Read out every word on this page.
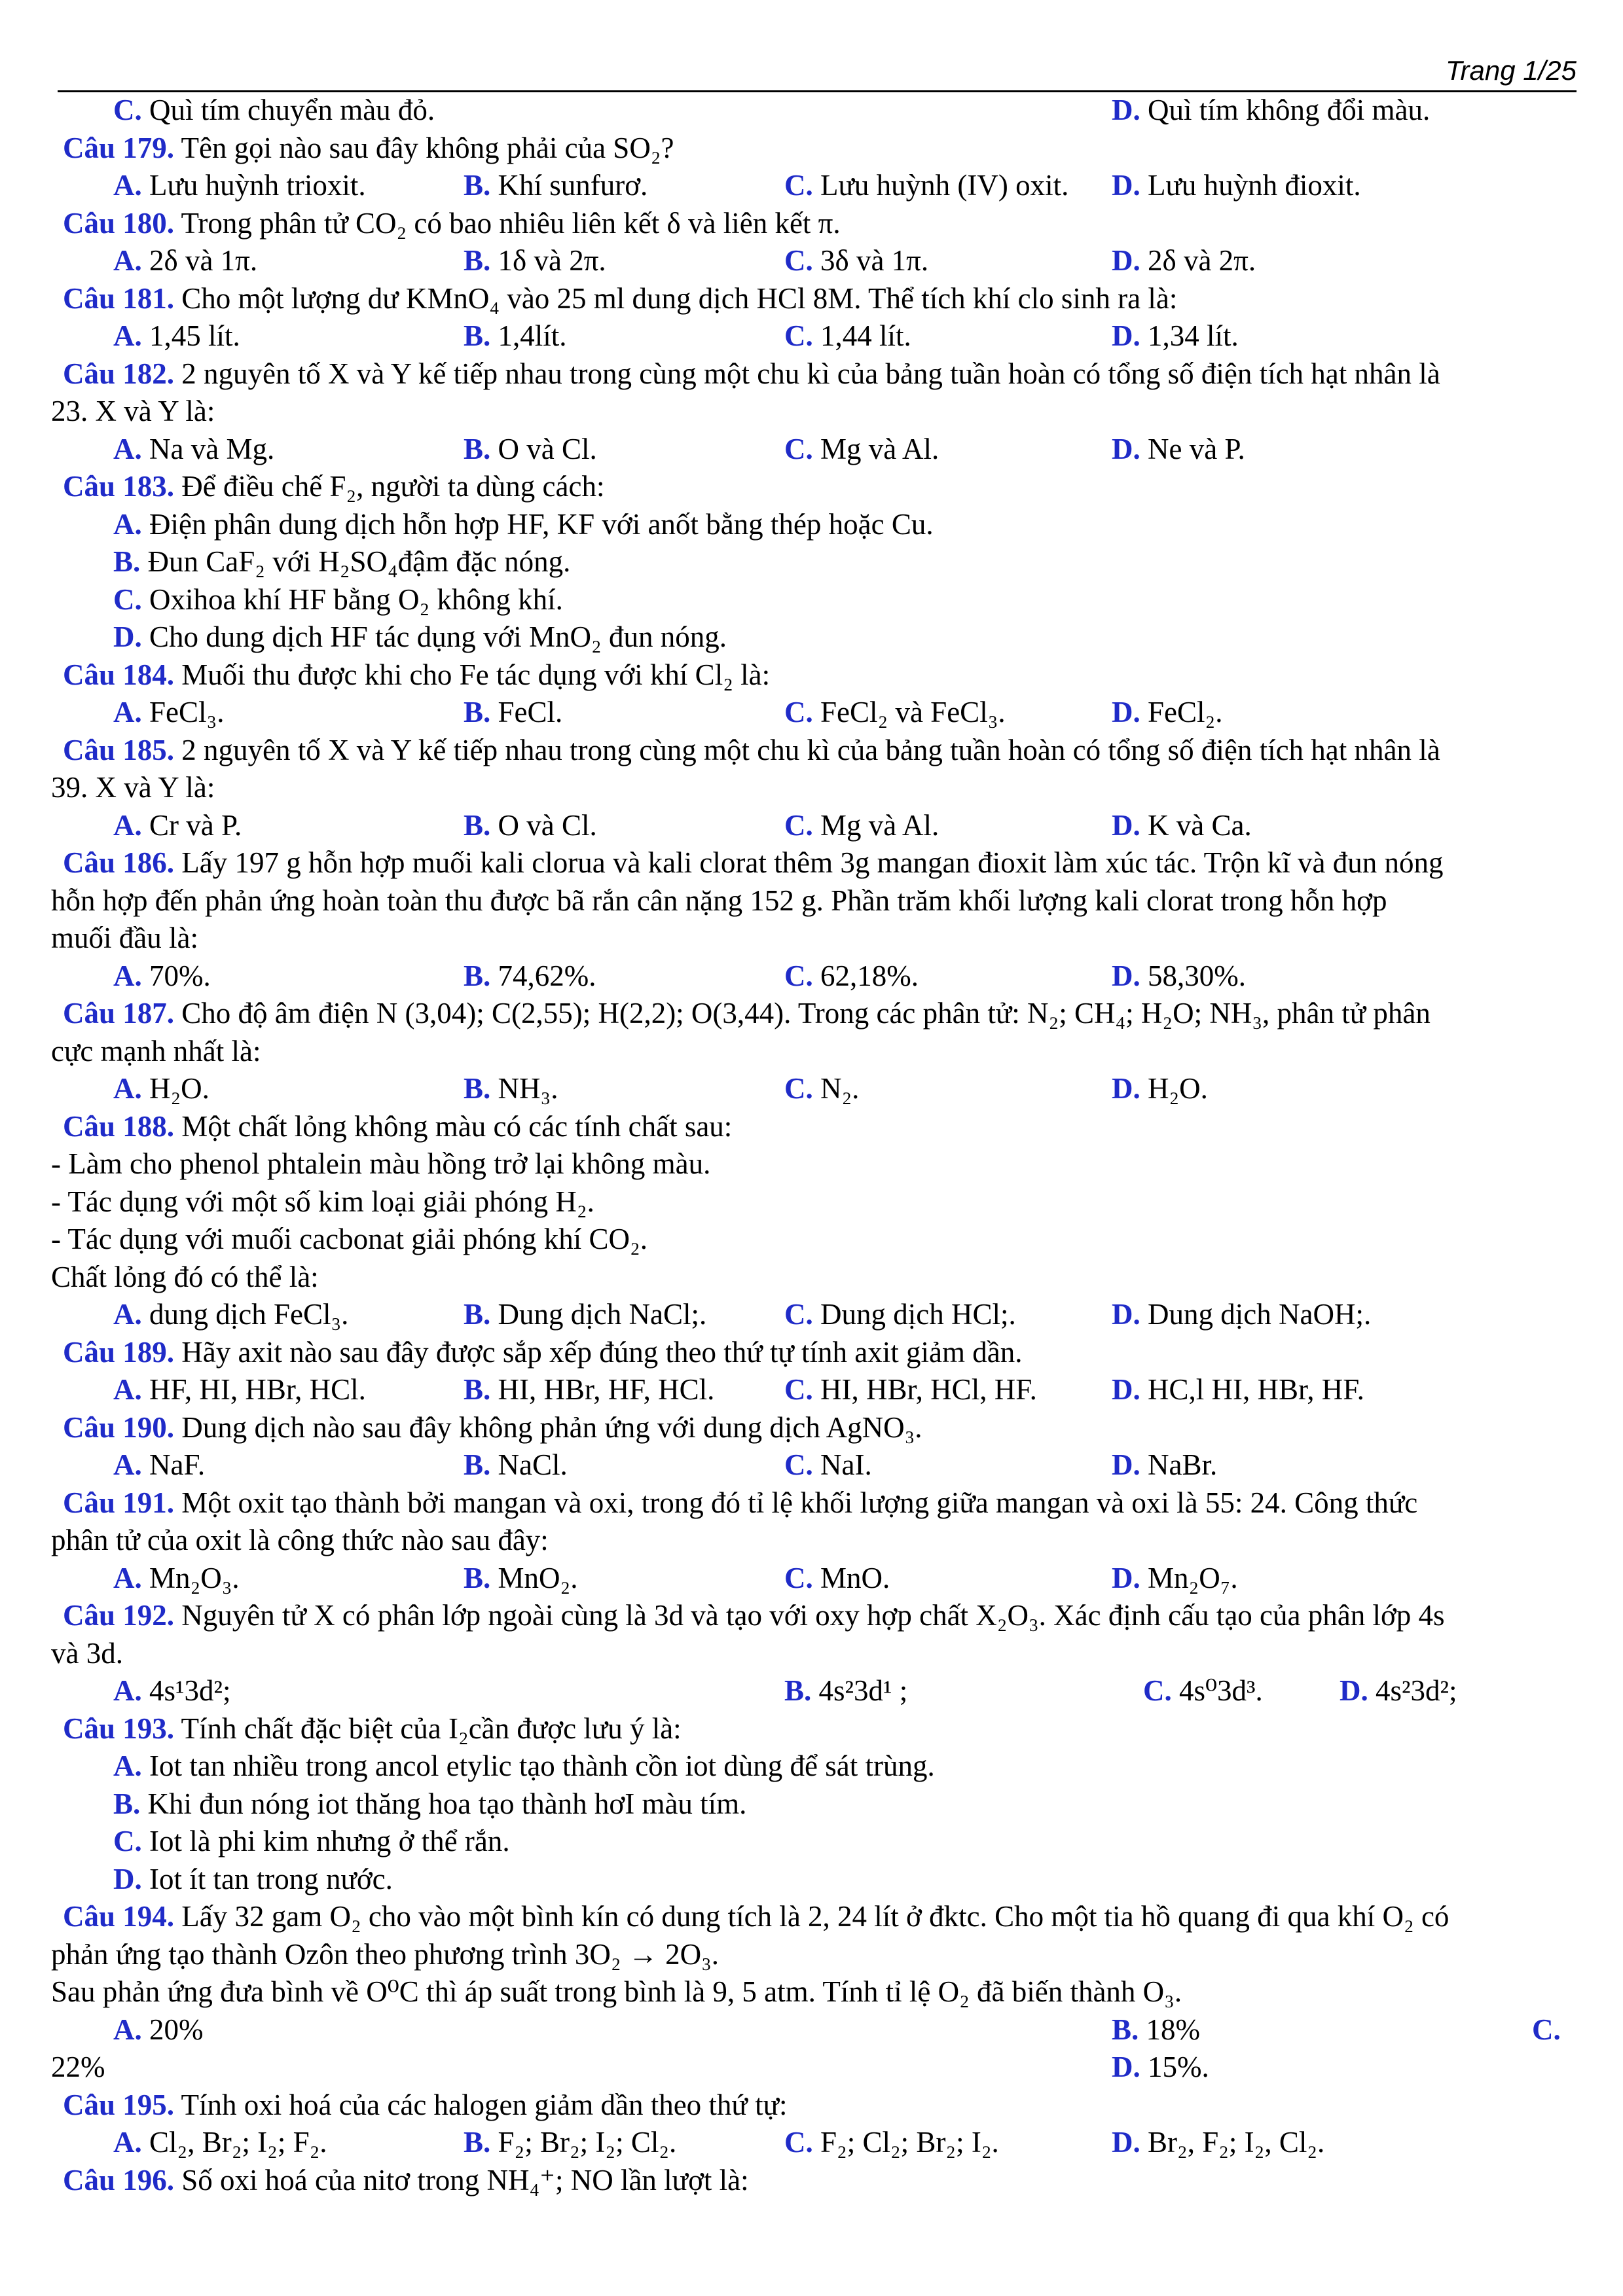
Trang 1/25
C. Quì tím chuyển màu đỏ.	D. Quì tím không đổi màu.
Câu 179. Tên gọi nào sau đây không phải của SO₂?
A. Lưu huỳnh trioxit.	B. Khí sunfurơ.	C. Lưu huỳnh (IV) oxit. D. Lưu huỳnh đioxit.
Câu 180. Trong phân tử CO₂ có bao nhiêu liên kết δ và liên kết π.
A. 2δ và 1π.	B. 1δ và 2π.	C. 3δ và 1π.	D. 2δ và 2π.
Câu 181. Cho một lượng dư KMnO₄ vào 25 ml dung dịch HCl 8M. Thể tích khí clo sinh ra là:
A. 1,45 lít.	B. 1,4lít.	C. 1,44 lít.	D. 1,34 lít.
Câu 182. 2 nguyên tố X và Y kế tiếp nhau trong cùng một chu kì của bảng tuần hoàn có tổng số điện tích hạt nhân là
23. X và Y là:
A. Na và Mg.	B. O và Cl.	C. Mg và Al.	D. Ne và P.
Câu 183. Để điều chế F₂, người ta dùng cách:
A. Điện phân dung dịch hỗn hợp HF, KF với anốt bằng thép hoặc Cu.
B. Đun CaF₂ với H₂SO₄đậm đặc nóng.
C. Oxihoa khí HF bằng O₂ không khí.
D. Cho dung dịch HF tác dụng với MnO₂ đun nóng.
Câu 184. Muối thu được khi cho Fe tác dụng với khí Cl₂ là:
A. FeCl₃.	B. FeCl.	C. FeCl₂ và FeCl₃.	D. FeCl₂.
Câu 185. 2 nguyên tố X và Y kế tiếp nhau trong cùng một chu kì của bảng tuần hoàn có tổng số điện tích hạt nhân là
39. X và Y là:
A. Cr và P.	B. O và Cl.	C. Mg và Al.	D. K và Ca.
Câu 186. Lấy 197 g hỗn hợp muối kali clorua và kali clorat thêm 3g mangan đioxit làm xúc tác. Trộn kĩ và đun nóng
hỗn hợp đến phản ứng hoàn toàn thu được bã rắn cân nặng 152 g. Phần trăm khối lượng kali clorat trong hỗn hợp
muối đầu là:
A. 70%.	B. 74,62%.	C. 62,18%.	D. 58,30%.
Câu 187. Cho độ âm điện N (3,04); C(2,55); H(2,2); O(3,44). Trong các phân tử: N₂; CH₄; H₂O; NH₃, phân tử phân
cực mạnh nhất là:
A. H₂O.	B. NH₃.	C. N₂.	D. H₂O.
Câu 188. Một chất lỏng không màu có các tính chất sau:
- Làm cho phenol phtalein màu hồng trở lại không màu.
- Tác dụng với một số kim loại giải phóng H₂.
- Tác dụng với muối cacbonat giải phóng khí CO₂.
Chất lỏng đó có thể là:
A. dung dịch FeCl₃.	B. Dung dịch NaCl;.	C. Dung dịch HCl;.	D. Dung dịch NaOH;.
Câu 189. Hãy axit nào sau đây được sắp xếp đúng theo thứ tự tính axit giảm dần.
A. HF, HI, HBr, HCl.	B. HI, HBr, HF, HCl. C. HI, HBr, HCl, HF.	D. HC,l HI, HBr, HF.
Câu 190. Dung dịch nào sau đây không phản ứng với dung dịch AgNO₃.
A. NaF.	B. NaCl.	C. NaI.	D. NaBr.
Câu 191. Một oxit tạo thành bởi mangan và oxi, trong đó tỉ lệ khối lượng giữa mangan và oxi là 55: 24. Công thức
phân tử của oxit là công thức nào sau đây:
A. Mn₂O₃.	B. MnO₂.	C. MnO.	D. Mn₂O₇.
Câu 192. Nguyên tử X có phân lớp ngoài cùng là 3d và tạo với oxy hợp chất X₂O₃. Xác định cấu tạo của phân lớp 4s
và 3d.
A. 4s¹3d²;	B. 4s²3d¹ ;	C. 4s⁰3d³.	D. 4s²3d²;
Câu 193. Tính chất đặc biệt của I₂cần được lưu ý là:
A. Iot tan nhiều trong ancol etylic tạo thành cồn iot dùng để sát trùng.
B. Khi đun nóng iot thăng hoa tạo thành hơI màu tím.
C. Iot là phi kim nhưng ở thể rắn.
D. Iot ít tan trong nước.
Câu 194. Lấy 32 gam O₂ cho vào một bình kín có dung tích là 2, 24 lít ở đktc. Cho một tia hồ quang đi qua khí O₂ có
phản ứng tạo thành Ozôn theo phương trình 3O₂ → 2O₃.
Sau phản ứng đưa bình về O⁰C thì áp suất trong bình là 9, 5 atm. Tính tỉ lệ O₂ đã biến thành O₃.
A. 20%	B. 18%	C.
22%	D. 15%.
Câu 195. Tính oxi hoá của các halogen giảm dần theo thứ tự:
A. Cl₂, Br₂; I₂; F₂.	B. F₂; Br₂; I₂; Cl₂.	C. F₂; Cl₂; Br₂; I₂.	D. Br₂, F₂; I₂, Cl₂.
Câu 196. Số oxi hoá của nitơ trong NH₄⁺; NO lần lượt là:
